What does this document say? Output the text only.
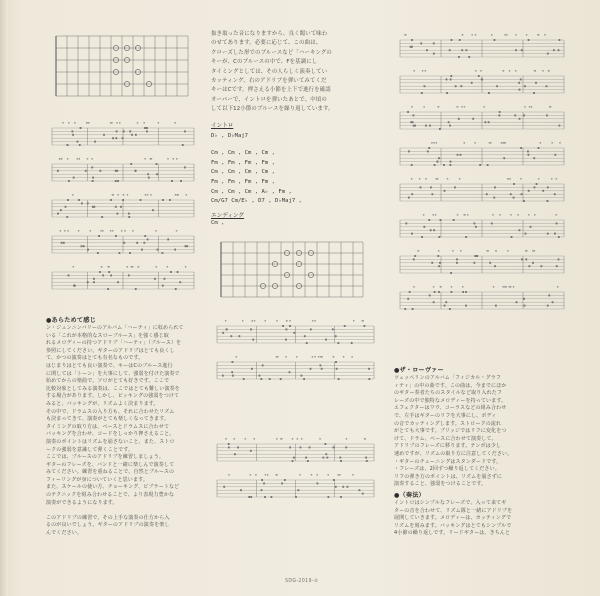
●あらためて感じ
ン・ジュンニンバリーのアルバム「ハーティ」に収められて
いる「これが本格的なスローブルース」を強く感じ取
れるメロディーの持つアドリブ「ハーティ」（ブルース）を
参照にしてください。ギターのアドリブはとても良くし
て、かつの演奏はとても有名なものです。
はじまりはとても良い演奏で、キーはCのブルース進行
に関しては「トーン」を大事にして、強弱を付けた演奏で
始めてからの楽曲で、ソロがとても好きです。ここで
比較対象としてみる演奏は、ここではとても難しい演奏を
する場合があります。しかし、ピッキングの強弱をつけて
みると、バッキングが、リズムよく決まります。
その中で、ドラムスの入り方も、それに合わせたリズム
も決まってきて、演奏がとても楽しくなってきます。
タイミングの取り方は、ベースとドラムスに合わせて
バッキングを合わせ、コードをしっかり押さえること。
演奏のポイントはリズムを崩さないこと、また、ストロ
ークの強弱を意識して弾くことです。
ここでは、ブルースのアドリブを練習しましょう。
ギターのフレーズを、バンドと一緒に楽しんで演奏して
みてください。練習を重ねることで、自然とブルースの
フィーリングが身についていくと思います。
また、スケールの使い方、チョーキング、ビブラートなど
のテクニックを組み合わせることで、より表現力豊かな
演奏ができるようになります。

このアドリブの練習で、その上手な演奏の仕方から入
るのが良いでしょう。ギターのアドリブの演奏を楽し
んでください。
抜き取った音になりますから、良く聞いて味わ
のせてあります。必要に応じて、この曲は、
クローズした形でのブルースなど「ハーキングの
キーが、Cのブルースの中で、Fを基調にし
タイミングとしては、その人らしく演奏してい
カッティング、右のアドリブを弾いてみてくだ
キーはCです。押さえる小節を上下で進行を確認
オーバーで、イントロを弾いたあとで、中頃の
して以下12小節のブルースを繰り返しています。
イントロ
D♭ , D♭Maj7
Cm , Cm , Cm , Cm ,
Fm , Fm , Fm , Fm ,
Cm , Cm , Cm , Cm ,
Fm , Fm , Fm , Fm ,
Cm , Cm , Cm , A♭ , Fm ,
Cm/G7 Cm/E♭ , D7 , D♭Maj7 ,
エンディング
Cm ,
●ザ・ローヴァー
ツェッペリンのアルバム「フィジカル・グラフ
ィティ」の中の曲です。この曲は、今までにほか
のギター奏者たちのスタイルなど取り入れたフ
レーズの中で独特なメロディーを持っています。
エフェクターはワウ、コーラスなどの組み合わせ
で、左手はギターのリフを大事にし、ボディ
の音でカッティングします。ストロークの流れ
がとても大事です。ブリッジではリフに変化をつ
けて、ドラム、ベースに合わせて演奏して、
アドリブのフレーズに移ります。テンポは少し
速めですが、リズムの取り方に注意してください。
・ギターのチューニングはスタンダードです。
・フレーズは、2回ずつ繰り返してください。
リフの弾き方のポイントは、リズムを崩さずに
演奏すること、強弱をつけることです。
●（奏法）
イントロはシンプルなフレーズで、入って来てギ
ターの音を合わせて、リズム隊と一緒にアドリブを
展開していきます。メロディーは、カッティングで
リズムを刻みます。バッキングはとてもシンプルで
4小節の繰り返しです。リードギターは、きちんと
SDG-2019-②
